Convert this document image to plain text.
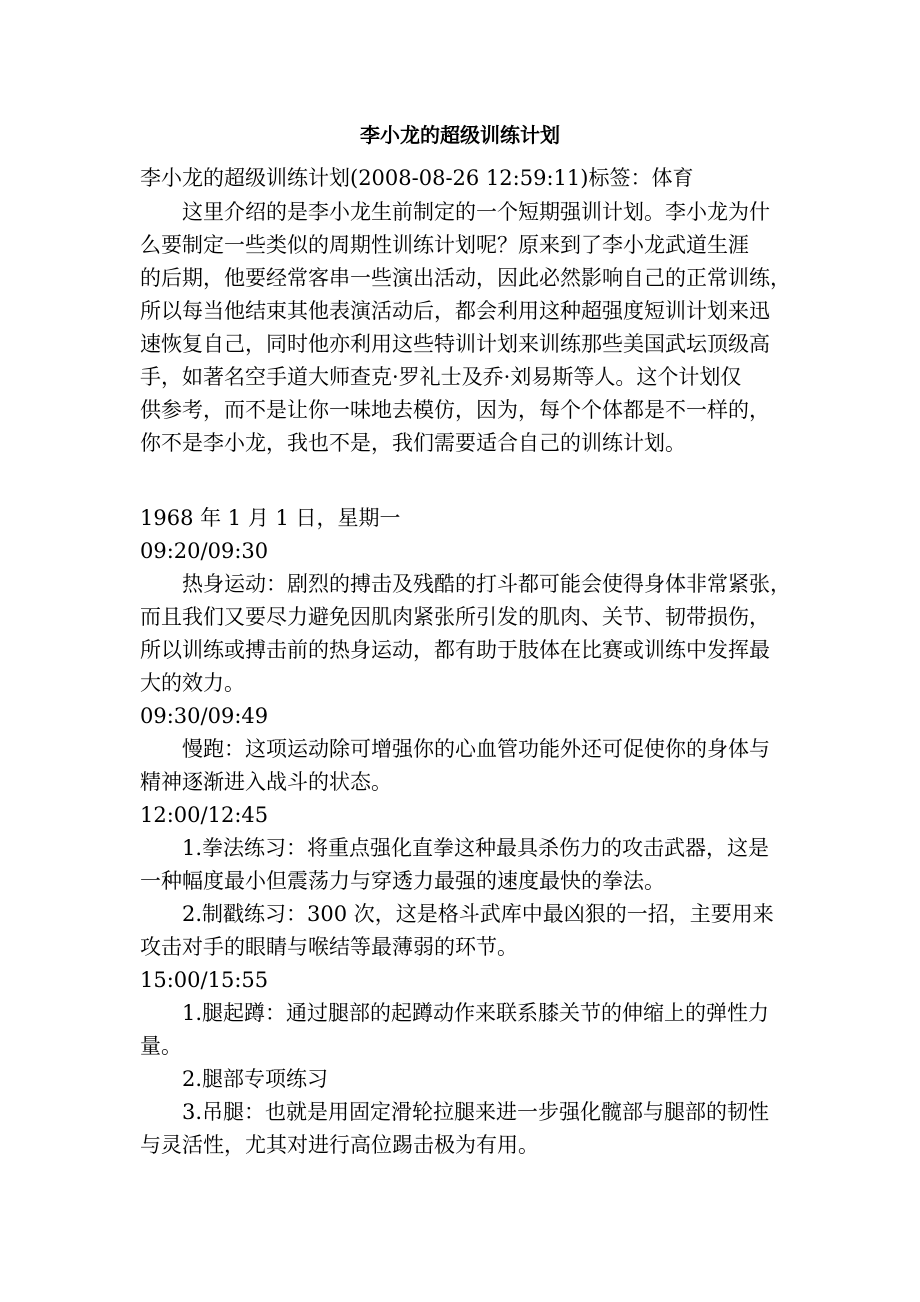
李小龙的超级训练计划
李小龙的超级训练计划(2008-08-26 12:59:11)标签：体育
这里介绍的是李小龙生前制定的一个短期强训计划。李小龙为什
么要制定一些类似的周期性训练计划呢？原来到了李小龙武道生涯
的后期，他要经常客串一些演出活动，因此必然影响自己的正常训练，
所以每当他结束其他表演活动后，都会利用这种超强度短训计划来迅
速恢复自己，同时他亦利用这些特训计划来训练那些美国武坛顶级高
手，如著名空手道大师查克·罗礼士及乔·刘易斯等人。这个计划仅
供参考，而不是让你一味地去模仿，因为，每个个体都是不一样的，
你不是李小龙，我也不是，我们需要适合自己的训练计划。
1968 年 1 月 1 日，星期一
09:20/09:30
热身运动：剧烈的搏击及残酷的打斗都可能会使得身体非常紧张，
而且我们又要尽力避免因肌肉紧张所引发的肌肉、关节、韧带损伤，
所以训练或搏击前的热身运动，都有助于肢体在比赛或训练中发挥最
大的效力。
09:30/09:49
慢跑：这项运动除可增强你的心血管功能外还可促使你的身体与
精神逐渐进入战斗的状态。
12:00/12:45
1.拳法练习：将重点强化直拳这种最具杀伤力的攻击武器，这是
一种幅度最小但震荡力与穿透力最强的速度最快的拳法。
2.制戳练习：300 次，这是格斗武库中最凶狠的一招，主要用来
攻击对手的眼睛与喉结等最薄弱的环节。
15:00/15:55
1.腿起蹲：通过腿部的起蹲动作来联系膝关节的伸缩上的弹性力
量。
2.腿部专项练习
3.吊腿：也就是用固定滑轮拉腿来进一步强化髋部与腿部的韧性
与灵活性，尤其对进行高位踢击极为有用。
